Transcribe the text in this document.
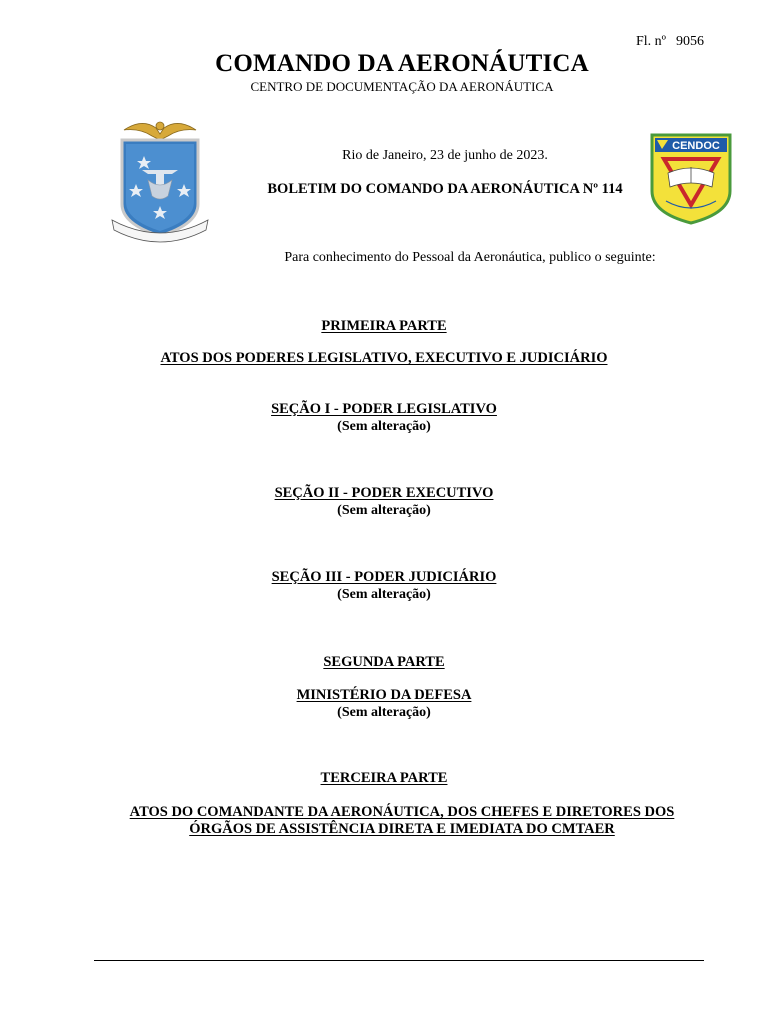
Fl. nº 9056
COMANDO DA AERONÁUTICA
CENTRO DE DOCUMENTAÇÃO DA AERONÁUTICA
CENDOC
Rio de Janeiro, 23 de junho de 2023.
BOLETIM DO COMANDO DA AERONÁUTICA Nº 114
Para conhecimento do Pessoal da Aeronáutica, publico o seguinte:
PRIMEIRA PARTE
ATOS DOS PODERES LEGISLATIVO, EXECUTIVO E JUDICIÁRIO
SEÇÃO I - PODER LEGISLATIVO
(Sem alteração)
SEÇÃO II - PODER EXECUTIVO
(Sem alteração)
SEÇÃO III - PODER JUDICIÁRIO
(Sem alteração)
SEGUNDA PARTE
MINISTÉRIO DA DEFESA
(Sem alteração)
TERCEIRA PARTE
ATOS DO COMANDANTE DA AERONÁUTICA, DOS CHEFES E DIRETORES DOS
ÓRGÃOS DE ASSISTÊNCIA DIRETA E IMEDIATA DO CMTAER
